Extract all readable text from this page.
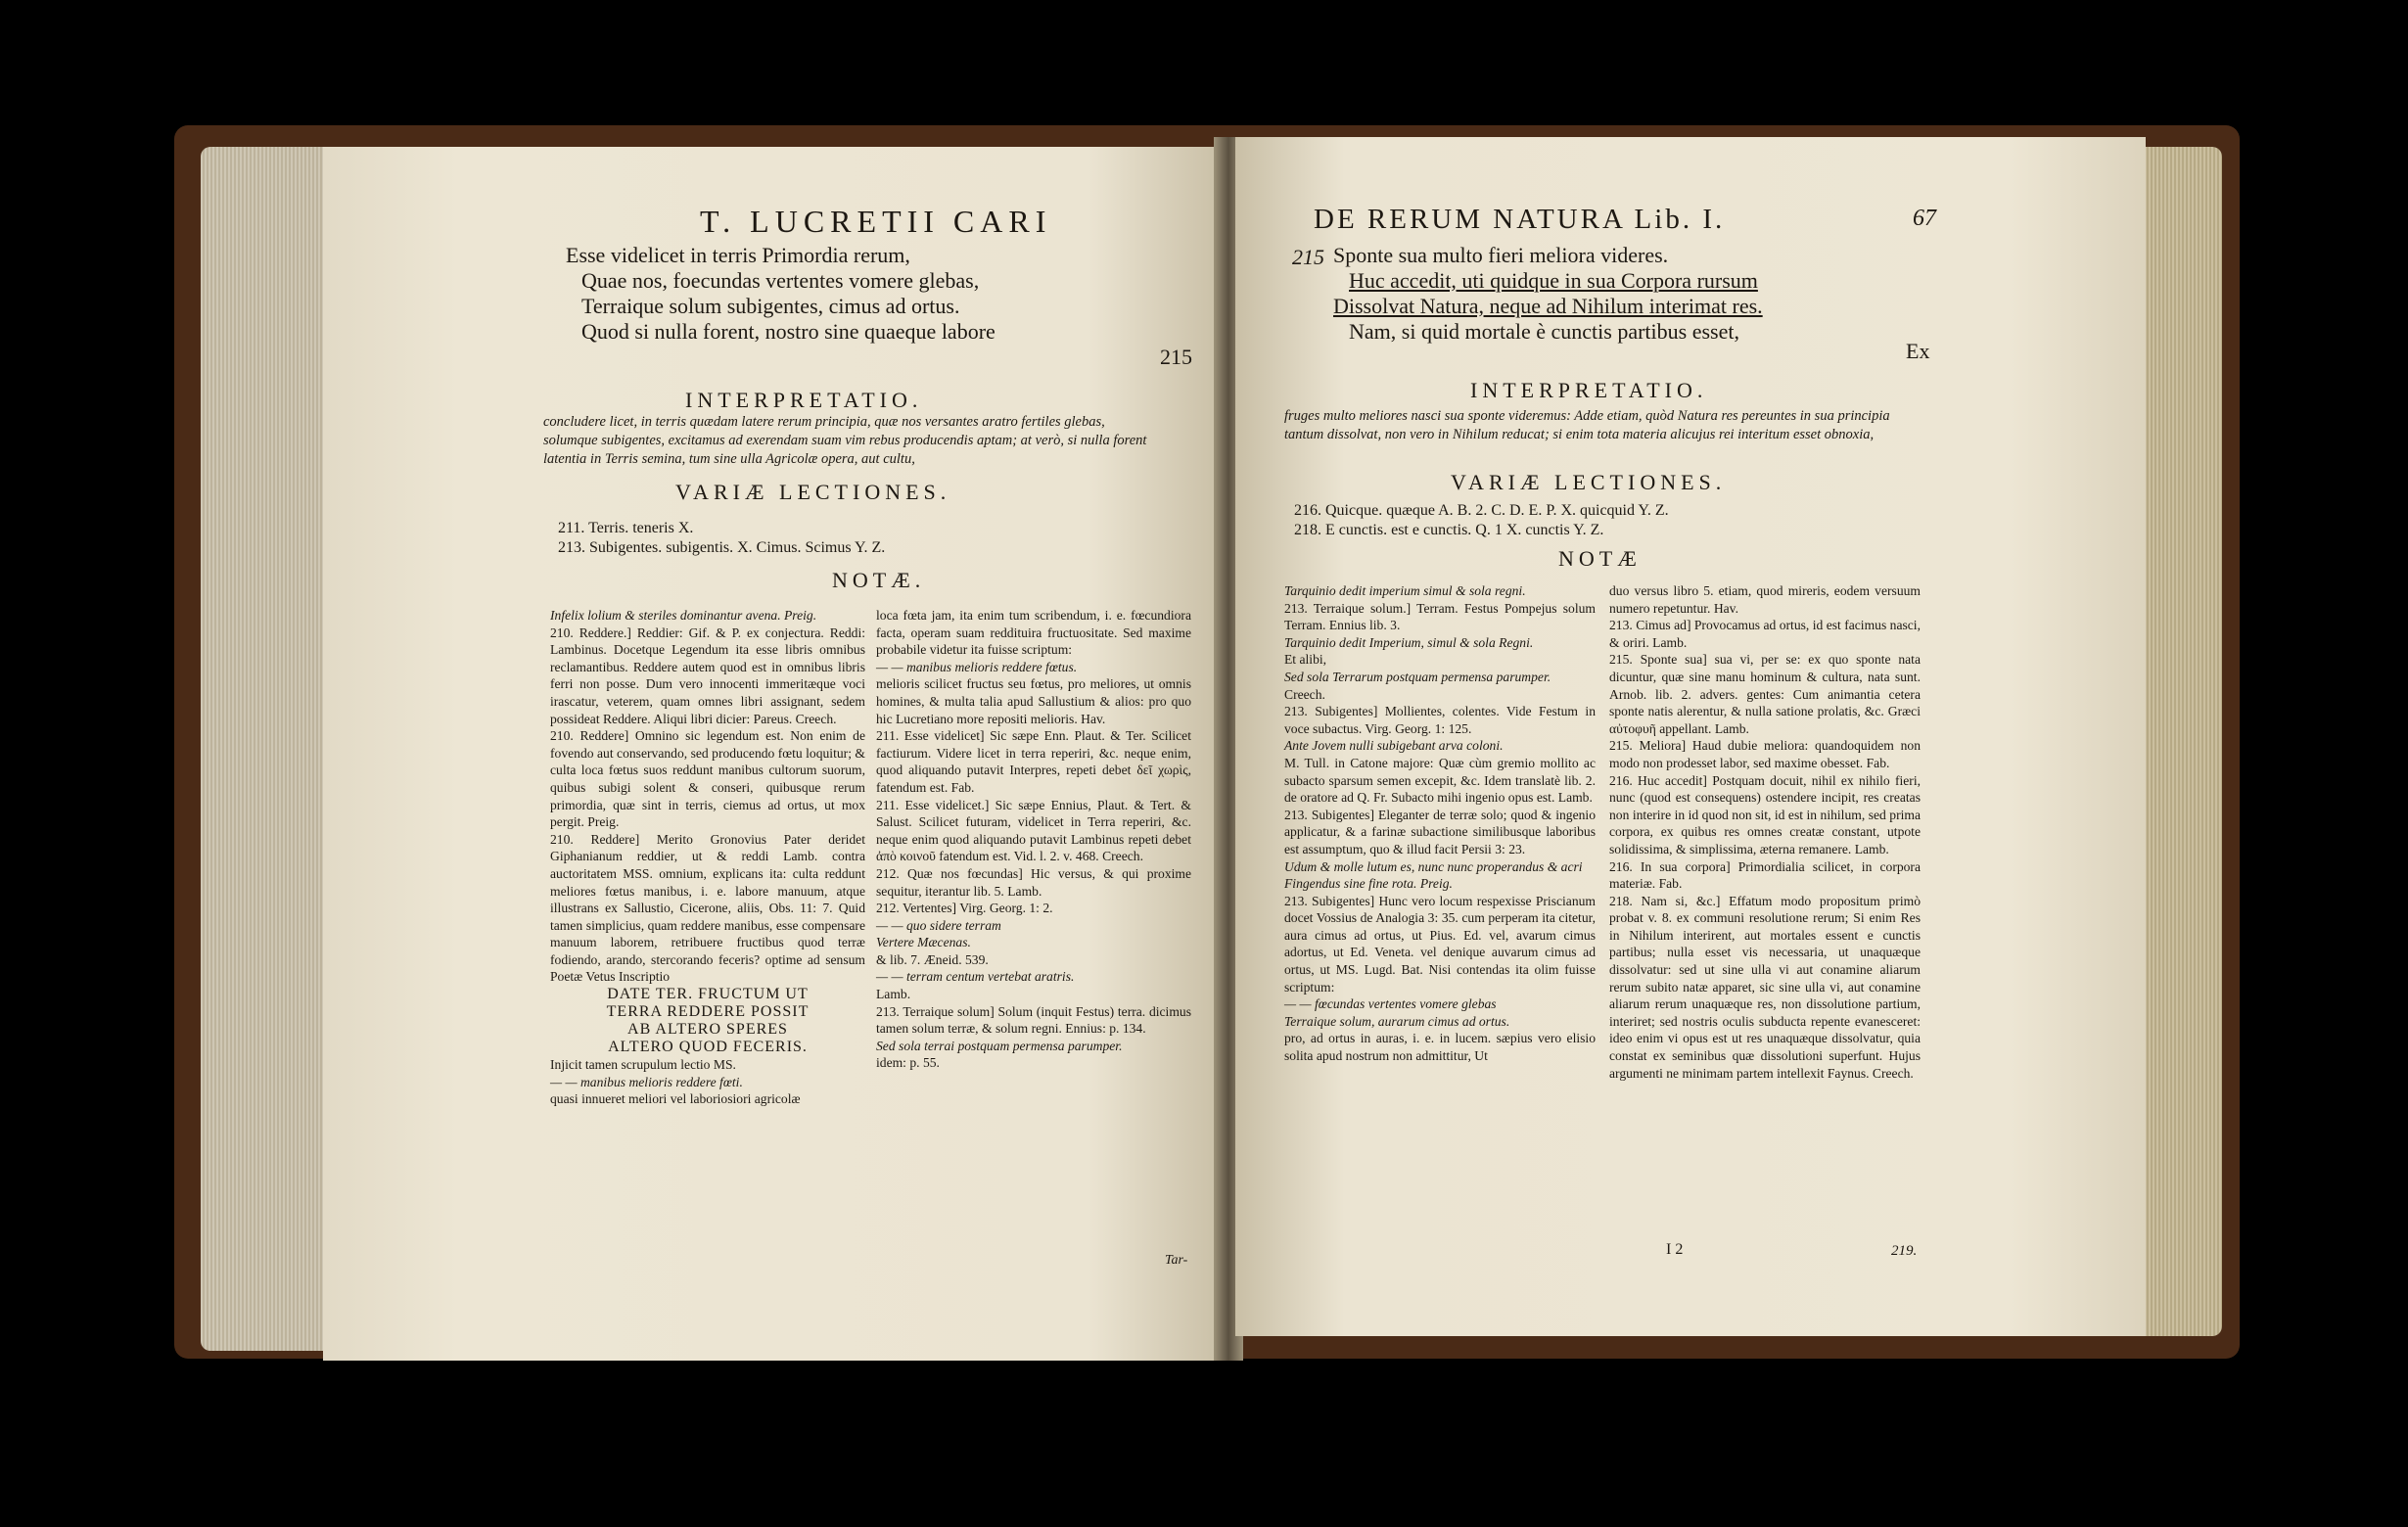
T. LUCRETII CARI
Esse videlicet in terris Primordia rerum,
Quae nos, foecundas vertentes vomere glebas,
Terraique solum subigentes, cimus ad ortus.
Quod si nulla forent, nostro sine quaeque labore
215
INTERPRETATIO.
concludere licet, in terris quædam latere rerum principia, quæ nos versantes aratro fertiles glebas, solumque subigentes, excitamus ad exerendam suam vim rebus producendis aptam; at verò, si nulla forent latentia in Terris semina, tum sine ulla Agricolæ opera, aut cultu,
VARIÆ LECTIONES.
211. Terris. teneris X.
213. Subigentes. subigentis. X. Cimus. Scimus Y. Z.
NOTÆ.

Infelix lolium & steriles dominantur avena. Preig.

210. Reddere.] Reddier: Gif. & P. ex conjectura. Reddi: Lambinus. Docetque Legendum ita esse libris omnibus reclamantibus. Reddere autem quod est in omnibus libris ferri non posse. Dum vero innocenti immeritæque voci irascatur, veterem, quam omnes libri assignant, sedem possideat Reddere. Aliqui libri dicier: Pareus. Creech.

210. Reddere] Omnino sic legendum est. Non enim de fovendo aut conservando, sed producendo fœtu loquitur; & culta loca fœtus suos reddunt manibus cultorum suorum, quibus subigi solent & conseri, quibusque rerum primordia, quæ sint in terris, ciemus ad ortus, ut mox pergit. Preig.

210. Reddere] Merito Gronovius Pater deridet Giphanianum reddier, ut & reddi Lamb. contra auctoritatem MSS. omnium, explicans ita: culta reddunt meliores fœtus manibus, i. e. labore manuum, atque illustrans ex Sallustio, Cicerone, aliis, Obs. 11: 7. Quid tamen simplicius, quam reddere manibus, esse compensare manuum laborem, retribuere fructibus quod terræ fodiendo, arando, stercorando feceris? optime ad sensum Poetæ Vetus Inscriptio

DATE TER. FRUCTUM UT

TERRA REDDERE POSSIT

AB ALTERO SPERES

ALTERO QUOD FECERIS.

Injicit tamen scrupulum lectio MS.

— — manibus melioris reddere fœti.

quasi innueret meliori vel laboriosiori agricolæ

loca fœta jam, ita enim tum scribendum, i. e. fœcundiora facta, operam suam reddituira fructuositate. Sed maxime probabile videtur ita fuisse scriptum:

— — manibus melioris reddere fœtus.

melioris scilicet fructus seu fœtus, pro meliores, ut omnis homines, & multa talia apud Sallustium & alios: pro quo hic Lucretiano more repositi melioris. Hav.

211. Esse videlicet] Sic sæpe Enn. Plaut. & Ter. Scilicet factiurum. Videre licet in terra reperiri, &c. neque enim, quod aliquando putavit Interpres, repeti debet δεῖ χωρὶς, fatendum est. Fab.

211. Esse videlicet.] Sic sæpe Ennius, Plaut. & Tert. & Salust. Scilicet futuram, videlicet in Terra reperiri, &c. neque enim quod aliquando putavit Lambinus repeti debet ἀπὸ κοινοῦ fatendum est. Vid. l. 2. v. 468. Creech.

212. Quæ nos fœcundas] Hic versus, & qui proxime sequitur, iterantur lib. 5. Lamb.

212. Vertentes] Virg. Georg. 1: 2.

— — quo sidere terram

Vertere Mæcenas.

& lib. 7. Æneid. 539.

— — terram centum vertebat aratris.

Lamb.

213. Terraique solum] Solum (inquit Festus) terra. dicimus tamen solum terræ, & solum regni. Ennius: p. 134.

Sed sola terrai postquam permensa parumper.

idem: p. 55.

Tar-
DE RERUM NATURA Lib. I.	67
215 Sponte sua multo fieri meliora videres.
Huc accedit, uti quidque in sua Corpora rursum
Dissolvat Natura, neque ad Nihilum interimat res.
Nam, si quid mortale è cunctis partibus esset,
Ex
INTERPRETATIO.
fruges multo meliores nasci sua sponte videremus: Adde etiam, quòd Natura res pereuntes in sua principia tantum dissolvat, non vero in Nihilum reducat; si enim tota materia alicujus rei interitum esset obnoxia,
VARIÆ LECTIONES.
216. Quicque. quæque A. B. 2. C. D. E. P. X. quicquid Y. Z.
218. E cunctis. est e cunctis. Q. 1 X. cunctis Y. Z.
NOTÆ

Tarquinio dedit imperium simul & sola regni.

213. Terraique solum.] Terram. Festus Pompejus solum Terram. Ennius lib. 3.

Tarquinio dedit Imperium, simul & sola Regni.

Et alibi,

Sed sola Terrarum postquam permensa parumper.

Creech.

213. Subigentes] Mollientes, colentes. Vide Festum in voce subactus. Virg. Georg. 1: 125.

Ante Jovem nulli subigebant arva coloni.

M. Tull. in Catone majore: Quæ cùm gremio mollito ac subacto sparsum semen excepit, &c. Idem translatè lib. 2. de oratore ad Q. Fr. Subacto mihi ingenio opus est. Lamb.

213. Subigentes] Eleganter de terræ solo; quod & ingenio applicatur, & a farinæ subactione similibusque laboribus est assumptum, quo & illud facit Persii 3: 23.

Udum & molle lutum es, nunc nunc properandus & acri

Fingendus sine fine rota. Preig.

213. Subigentes] Hunc vero locum respexisse Priscianum docet Vossius de Analogia 3: 35. cum perperam ita citetur, aura cimus ad ortus, ut Pius. Ed. vel, avarum cimus adortus, ut Ed. Veneta. vel denique auvarum cimus ad ortus, ut MS. Lugd. Bat. Nisi contendas ita olim fuisse scriptum:

— — fœcundas vertentes vomere glebas

Terraique solum, aurarum cimus ad ortus.

pro, ad ortus in auras, i. e. in lucem. sæpius vero elisio solita apud nostrum non admittitur, Ut

duo versus libro 5. etiam, quod mireris, eodem versuum numero repetuntur. Hav.

213. Cimus ad] Provocamus ad ortus, id est facimus nasci, & oriri. Lamb.

215. Sponte sua] sua vi, per se: ex quo sponte nata dicuntur, quæ sine manu hominum & cultura, nata sunt. Arnob. lib. 2. advers. gentes: Cum animantia cetera sponte natis alerentur, & nulla satione prolatis, &c. Græci αὐτοφυῆ appellant. Lamb.

215. Meliora] Haud dubie meliora: quandoquidem non modo non prodesset labor, sed maxime obesset. Fab.

216. Huc accedit] Postquam docuit, nihil ex nihilo fieri, nunc (quod est consequens) ostendere incipit, res creatas non interire in id quod non sit, id est in nihilum, sed prima corpora, ex quibus res omnes creatæ constant, utpote solidissima, & simplissima, æterna remanere. Lamb.

216. In sua corpora] Primordialia scilicet, in corpora materiæ. Fab.

218. Nam si, &c.] Effatum modo propositum primò probat v. 8. ex communi resolutione rerum; Si enim Res in Nihilum interirent, aut mortales essent e cunctis partibus; nulla esset vis necessaria, ut unaquæque dissolvatur: sed ut sine ulla vi aut conamine aliarum rerum subito natæ apparet, sic sine ulla vi, aut conamine aliarum rerum unaquæque res, non dissolutione partium, interiret; sed nostris oculis subducta repente evanesceret: ideo enim vi opus est ut res unaquæque dissolvatur, quia constat ex seminibus quæ dissolutioni superfunt. Hujus argumenti ne minimam partem intellexit Faynus. Creech.

I 2	219.
